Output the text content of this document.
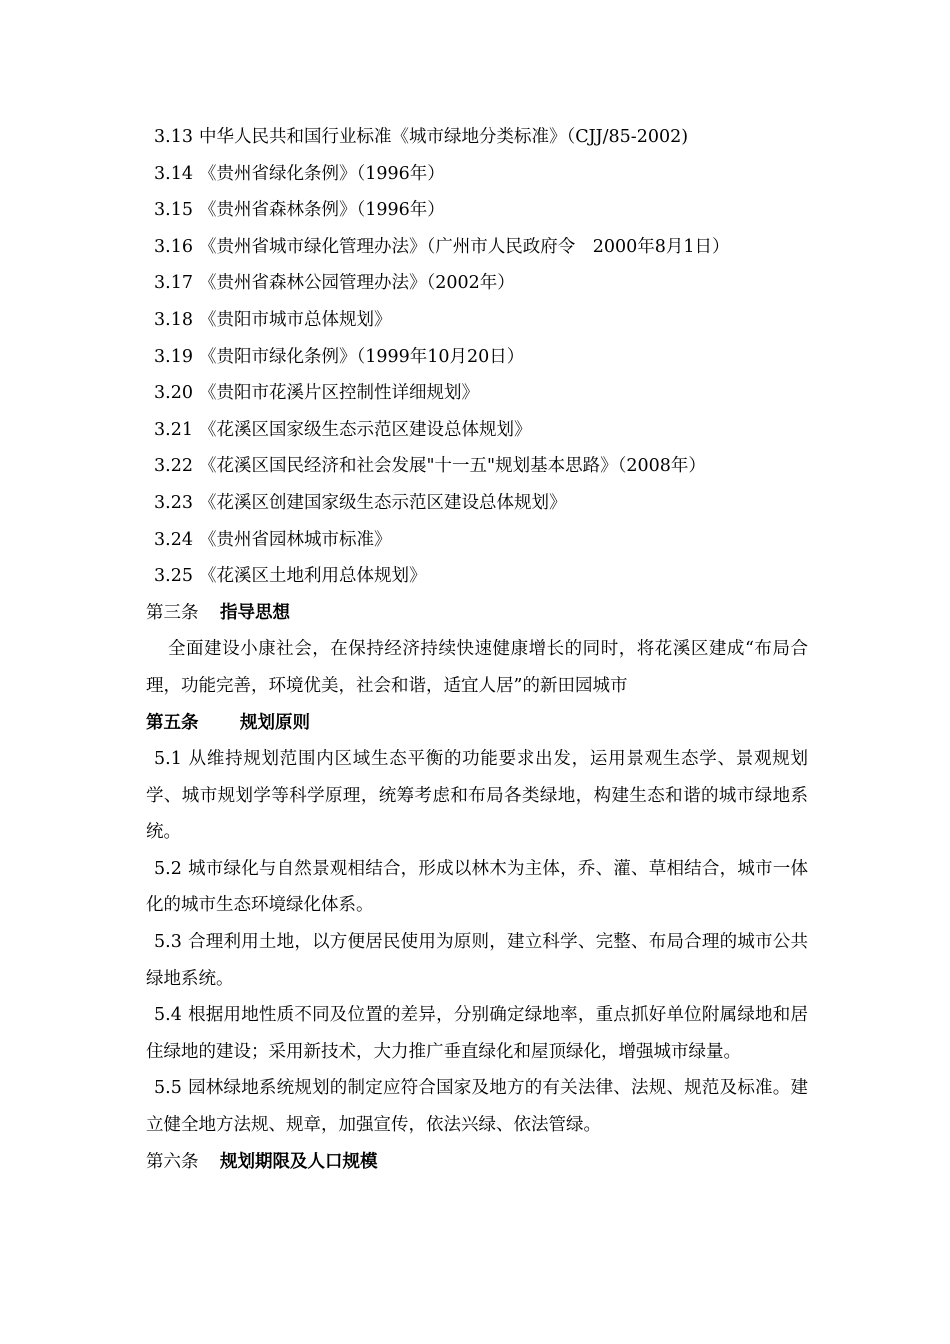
3.13 中华人民共和国行业标准《城市绿地分类标准》（CJJ/85-2002)
3.14 《贵州省绿化条例》（1996年）
3.15 《贵州省森林条例》（1996年）
3.16 《贵州省城市绿化管理办法》（广州市人民政府令　2000年8月1日）
3.17 《贵州省森林公园管理办法》（2002年）
3.18 《贵阳市城市总体规划》
3.19 《贵阳市绿化条例》（1999年10月20日）
3.20 《贵阳市花溪片区控制性详细规划》
3.21 《花溪区国家级生态示范区建设总体规划》
3.22 《花溪区国民经济和社会发展"十一五"规划基本思路》（2008年）
3.23 《花溪区创建国家级生态示范区建设总体规划》
3.24 《贵州省园林城市标准》
3.25 《花溪区土地利用总体规划》
第三条 指导思想
全面建设小康社会，在保持经济持续快速健康增长的同时，将花溪区建成“布局合理，功能完善，环境优美，社会和谐，适宜人居”的新田园城市
第五条 规划原则
5.1 从维持规划范围内区域生态平衡的功能要求出发，运用景观生态学、景观规划学、城市规划学等科学原理，统筹考虑和布局各类绿地，构建生态和谐的城市绿地系统。
5.2 城市绿化与自然景观相结合，形成以林木为主体，乔、灌、草相结合，城市一体化的城市生态环境绿化体系。
5.3 合理利用土地，以方便居民使用为原则，建立科学、完整、布局合理的城市公共绿地系统。
5.4 根据用地性质不同及位置的差异，分别确定绿地率，重点抓好单位附属绿地和居住绿地的建设；采用新技术，大力推广垂直绿化和屋顶绿化，增强城市绿量。
5.5 园林绿地系统规划的制定应符合国家及地方的有关法律、法规、规范及标准。建立健全地方法规、规章，加强宣传，依法兴绿、依法管绿。
第六条 规划期限及人口规模
